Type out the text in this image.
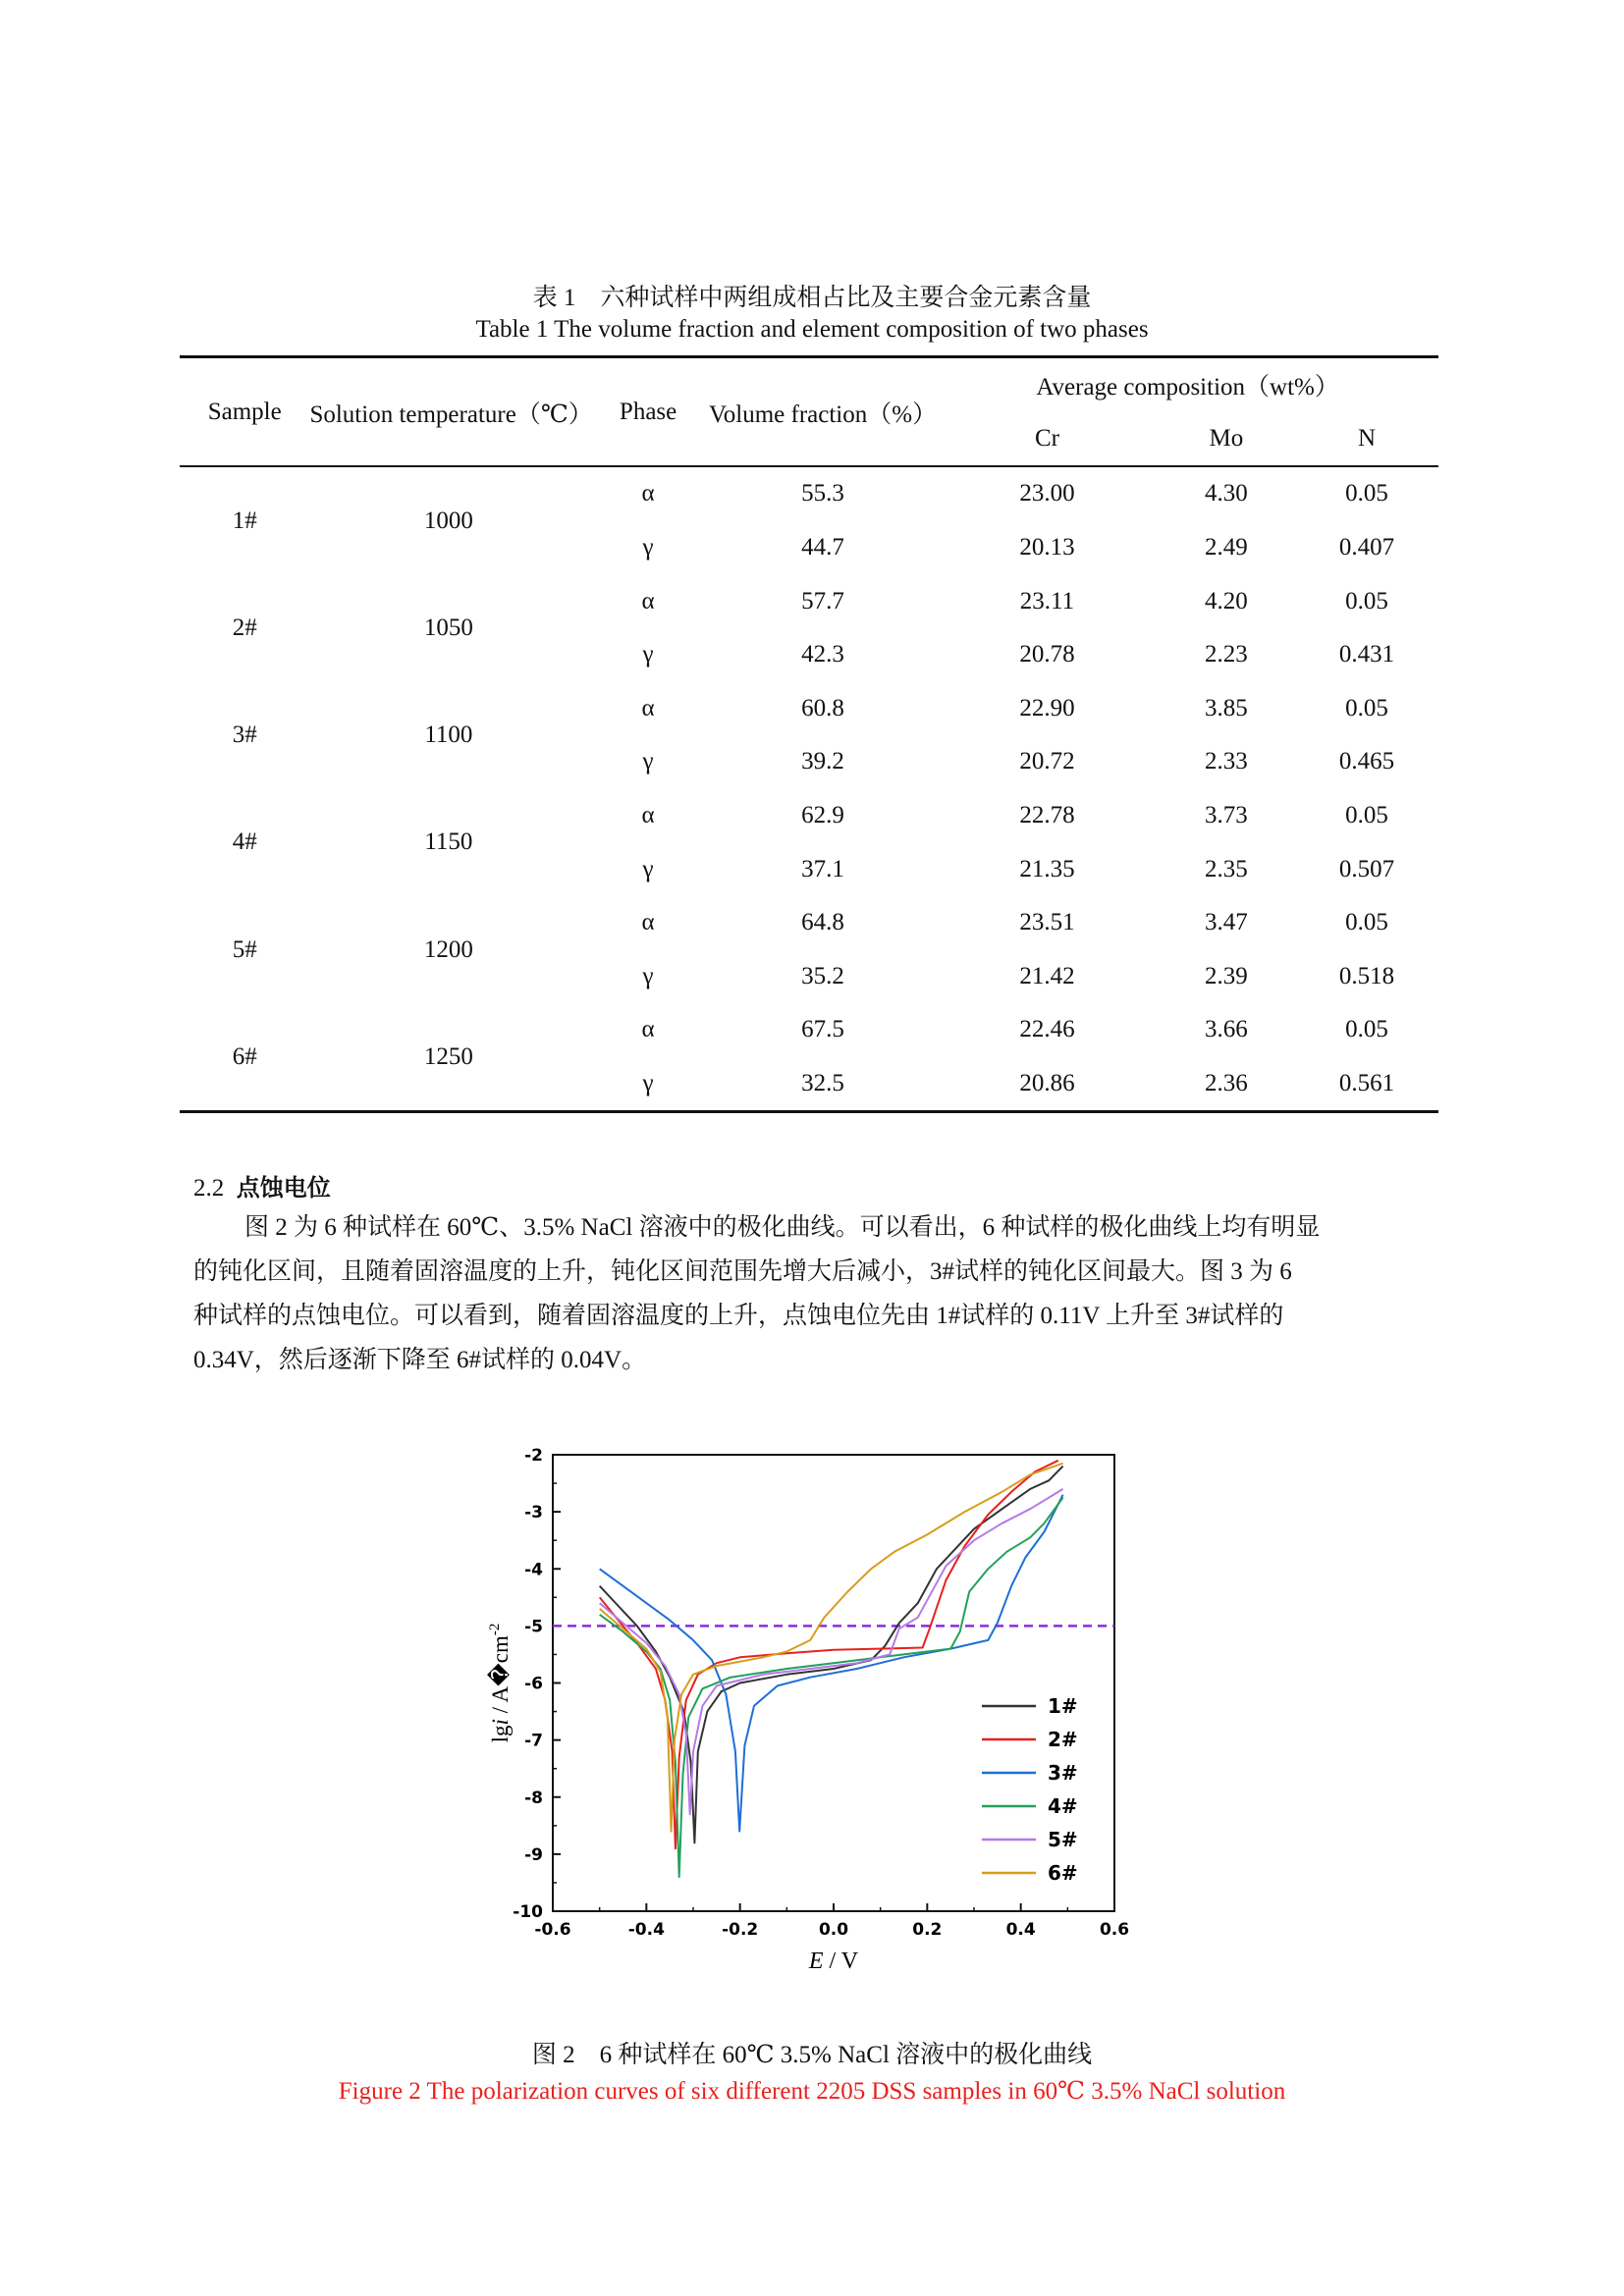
表 1　六种试样中两组成相占比及主要合金元素含量
Table 1 The volume fraction and element composition of two phases
Sample	Solution temperature（℃）	Phase	Volume fraction（%）	Average composition（wt%）		
				Cr	Mo	N
1#	1000	α	55.3	23.00	4.30	0.05
		γ	44.7	20.13	2.49	0.407
2#	1050	α	57.7	23.11	4.20	0.05
		γ	42.3	20.78	2.23	0.431
3#	1100	α	60.8	22.90	3.85	0.05
		γ	39.2	20.72	2.33	0.465
4#	1150	α	62.9	22.78	3.73	0.05
		γ	37.1	21.35	2.35	0.507
5#	1200	α	64.8	23.51	3.47	0.05
		γ	35.2	21.42	2.39	0.518
6#	1250	α	67.5	22.46	3.66	0.05
		γ	32.5	20.86	2.36	0.561
2.2 点蚀电位
图 2 为 6 种试样在 60℃、3.5% NaCl 溶液中的极化曲线。可以看出，6 种试样的极化曲线上均有明显
的钝化区间，且随着固溶温度的上升，钝化区间范围先增大后减小，3#试样的钝化区间最大。图 3 为 6
种试样的点蚀电位。可以看到，随着固溶温度的上升，点蚀电位先由 1#试样的 0.11V 上升至 3#试样的
0.34V，然后逐渐下降至 6#试样的 0.04V。
-0.6	-0.4	-0.2	0.0	0.2	0.4	0.6
-10
-9
-8
-7
-6
-5
-4
-3
-2
1#
2#
3#
4#
5#
6#
E / V
lgi / $A�cm^{-2}$
图 2　6 种试样在 60℃ 3.5% NaCl 溶液中的极化曲线
Figure 2 The polarization curves of six different 2205 DSS samples in 60℃ 3.5% NaCl solution
